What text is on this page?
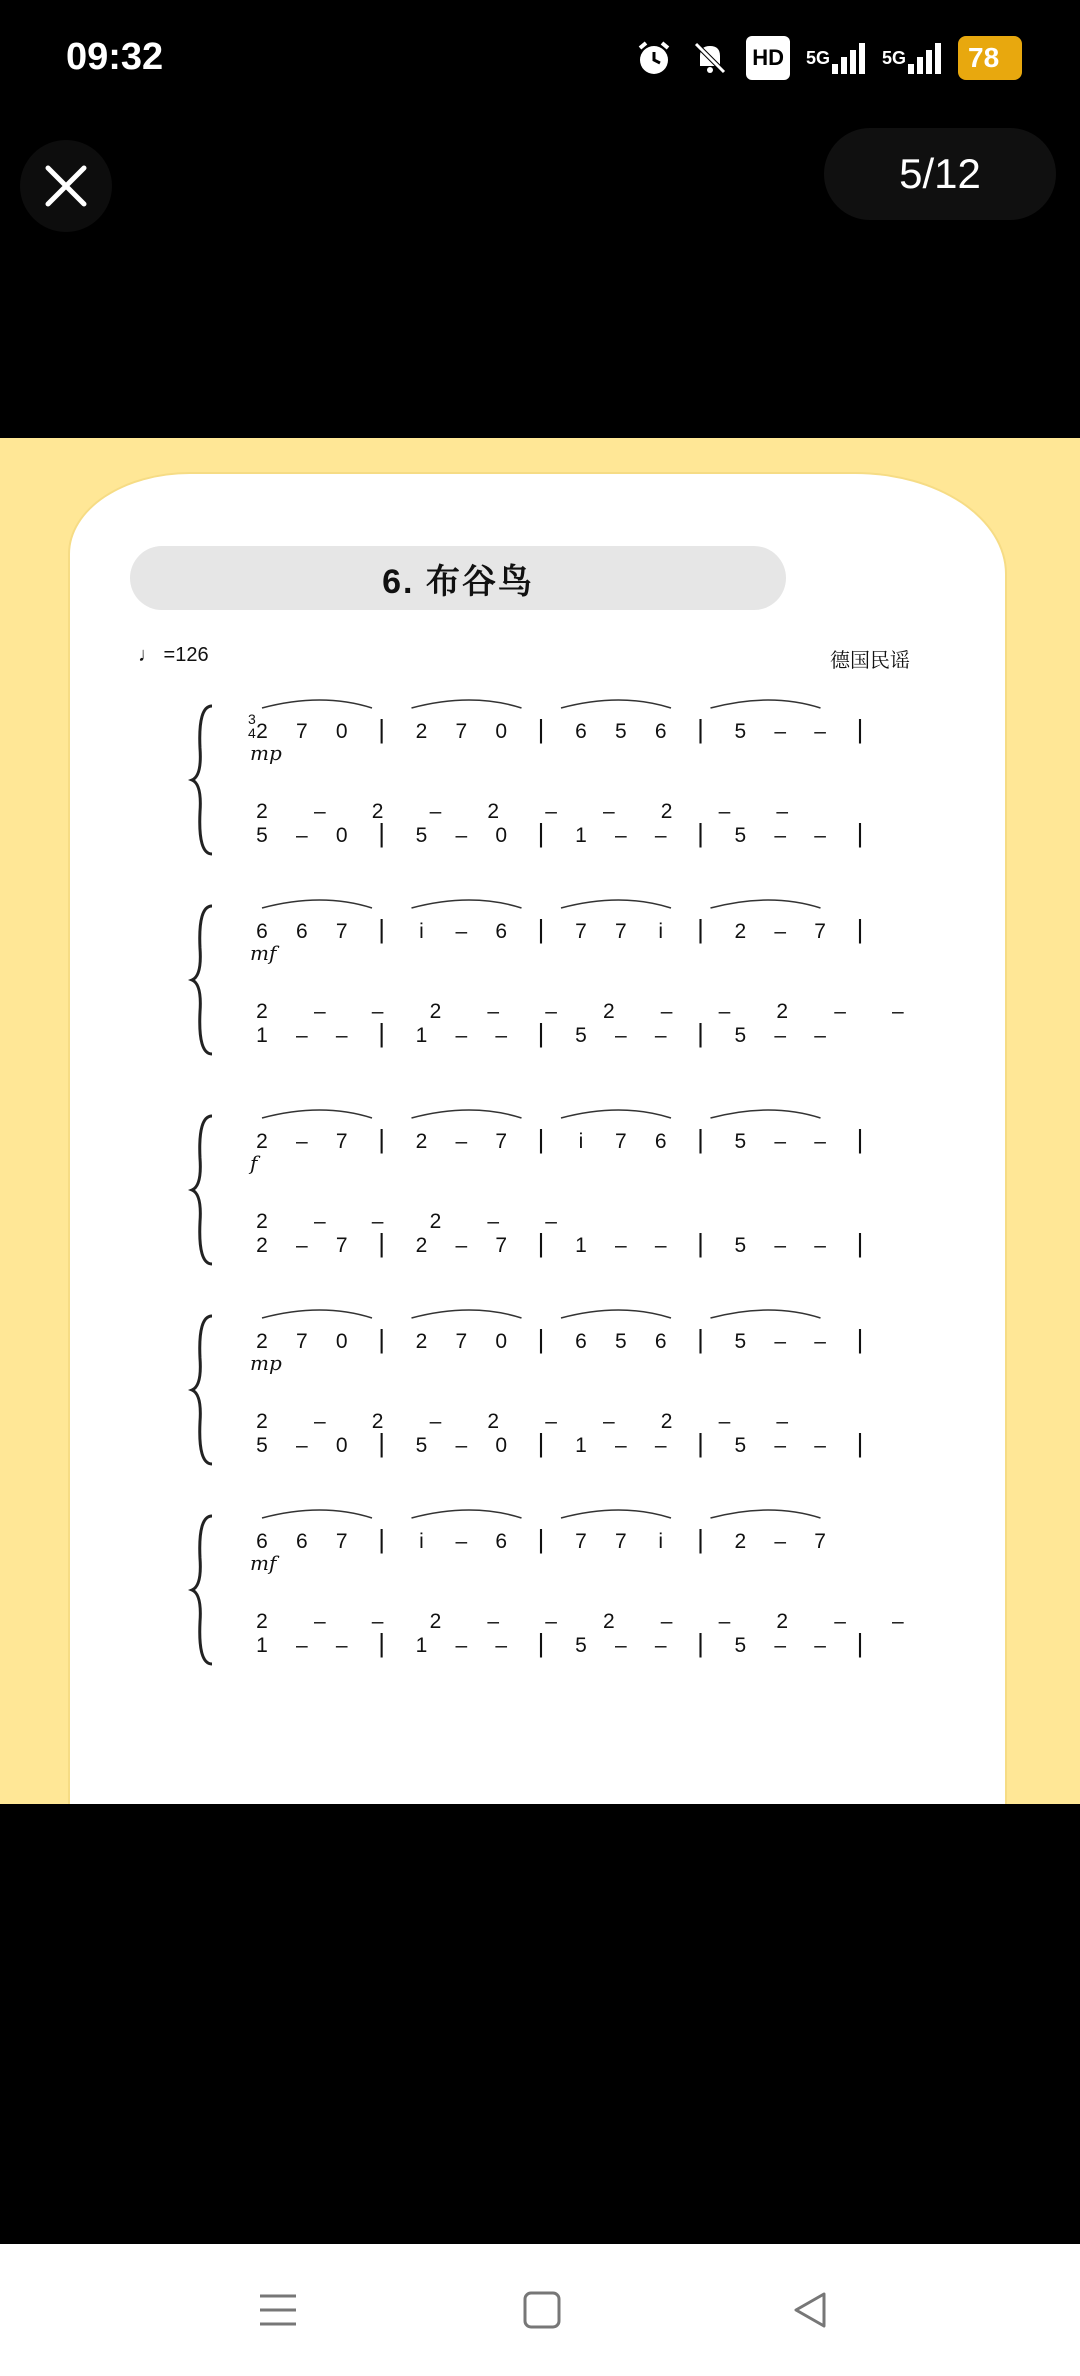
09:32	HD	5G	5G	78
5/12
6. 布谷鸟
♩ =126	德国民谣
mp
3
4 2 7 0 | 2 7 0 | 6 5 6 | 5 – – |
2 – 2 – 2 – – 2 – –
5 – 0 | 5 – 0 | 1 – – | 5 – – |
mf
6 6 7 | i – 6 | 7 7 i | 2 – 7 |
2 – – 2 – – 2 – – 2 – –
1 – – | 1 – – | 5 – – | 5 – –
f
2 – 7 | 2 – 7 | i 7 6 | 5 – – |
2 – – 2 – –
2 – 7 | 2 – 7 | 1 – – | 5 – – |
mp
2 7 0 | 2 7 0 | 6 5 6 | 5 – – |
2 – 2 – 2 – – 2 – –
5 – 0 | 5 – 0 | 1 – – | 5 – – |
mf
6 6 7 | i – 6 | 7 7 i | 2 – 7
2 – – 2 – – 2 – – 2 – –
1 – – | 1 – – | 5 – – | 5 – – |
